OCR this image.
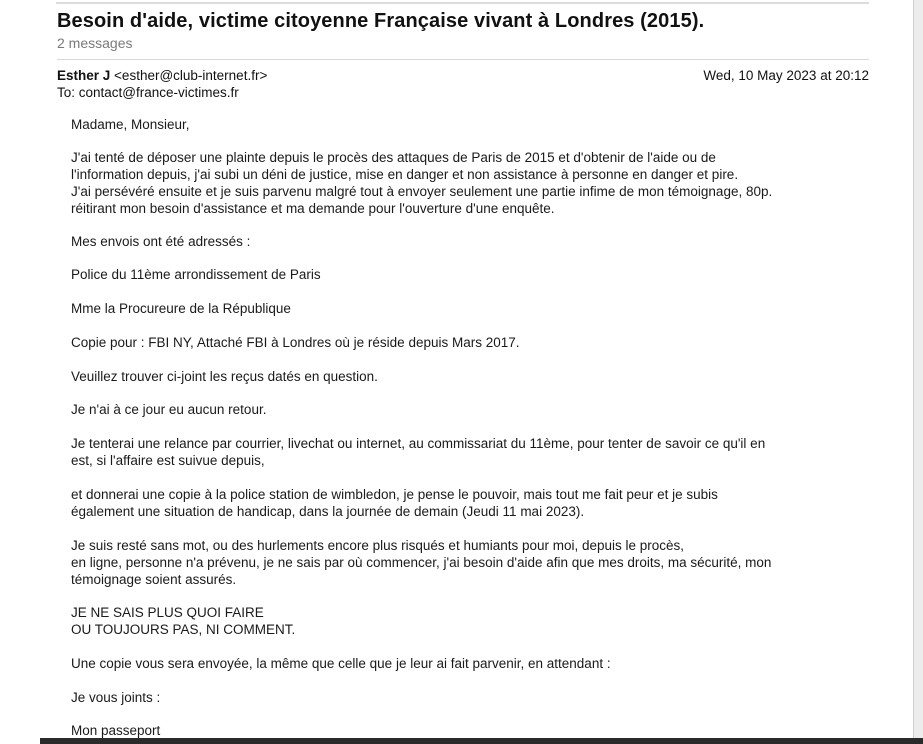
Besoin d'aide, victime citoyenne Française vivant à Londres (2015).
2 messages
Esther J <esther@club-internet.fr>	Wed, 10 May 2023 at 20:12
To: contact@france-victimes.fr

Madame, Monsieur,

J'ai tenté de déposer une plainte depuis le procès des attaques de Paris de 2015 et d'obtenir de l'aide ou de

l'information depuis, j'ai subi un déni de justice, mise en danger et non assistance à personne en danger et pire.

J'ai persévéré ensuite et je suis parvenu malgré tout à envoyer seulement une partie infime de mon témoignage, 80p.

réitirant mon besoin d'assistance et ma demande pour l'ouverture d'une enquête.

Mes envois ont été adressés :

Police du 11ème arrondissement de Paris

Mme la Procureure de la République

Copie pour : FBI NY, Attaché FBI à Londres où je réside depuis Mars 2017.

Veuillez trouver ci-joint les reçus datés en question.

Je n'ai à ce jour eu aucun retour.

Je tenterai une relance par courrier, livechat ou internet, au commissariat du 11ème, pour tenter de savoir ce qu'il en

est, si l'affaire est suivue depuis,

et donnerai une copie à la police station de wimbledon, je pense le pouvoir, mais tout me fait peur et je subis

également une situation de handicap, dans la journée de demain (Jeudi 11 mai 2023).

Je suis resté sans mot, ou des hurlements encore plus risqués et humiants pour moi, depuis le procès,

en ligne, personne n'a prévenu, je ne sais par où commencer, j'ai besoin d'aide afin que mes droits, ma sécurité, mon

témoignage soient assurés.

JE NE SAIS PLUS QUOI FAIRE

OU TOUJOURS PAS, NI COMMENT.

Une copie vous sera envoyée, la même que celle que je leur ai fait parvenir, en attendant :

Je vous joints :

Mon passeport
